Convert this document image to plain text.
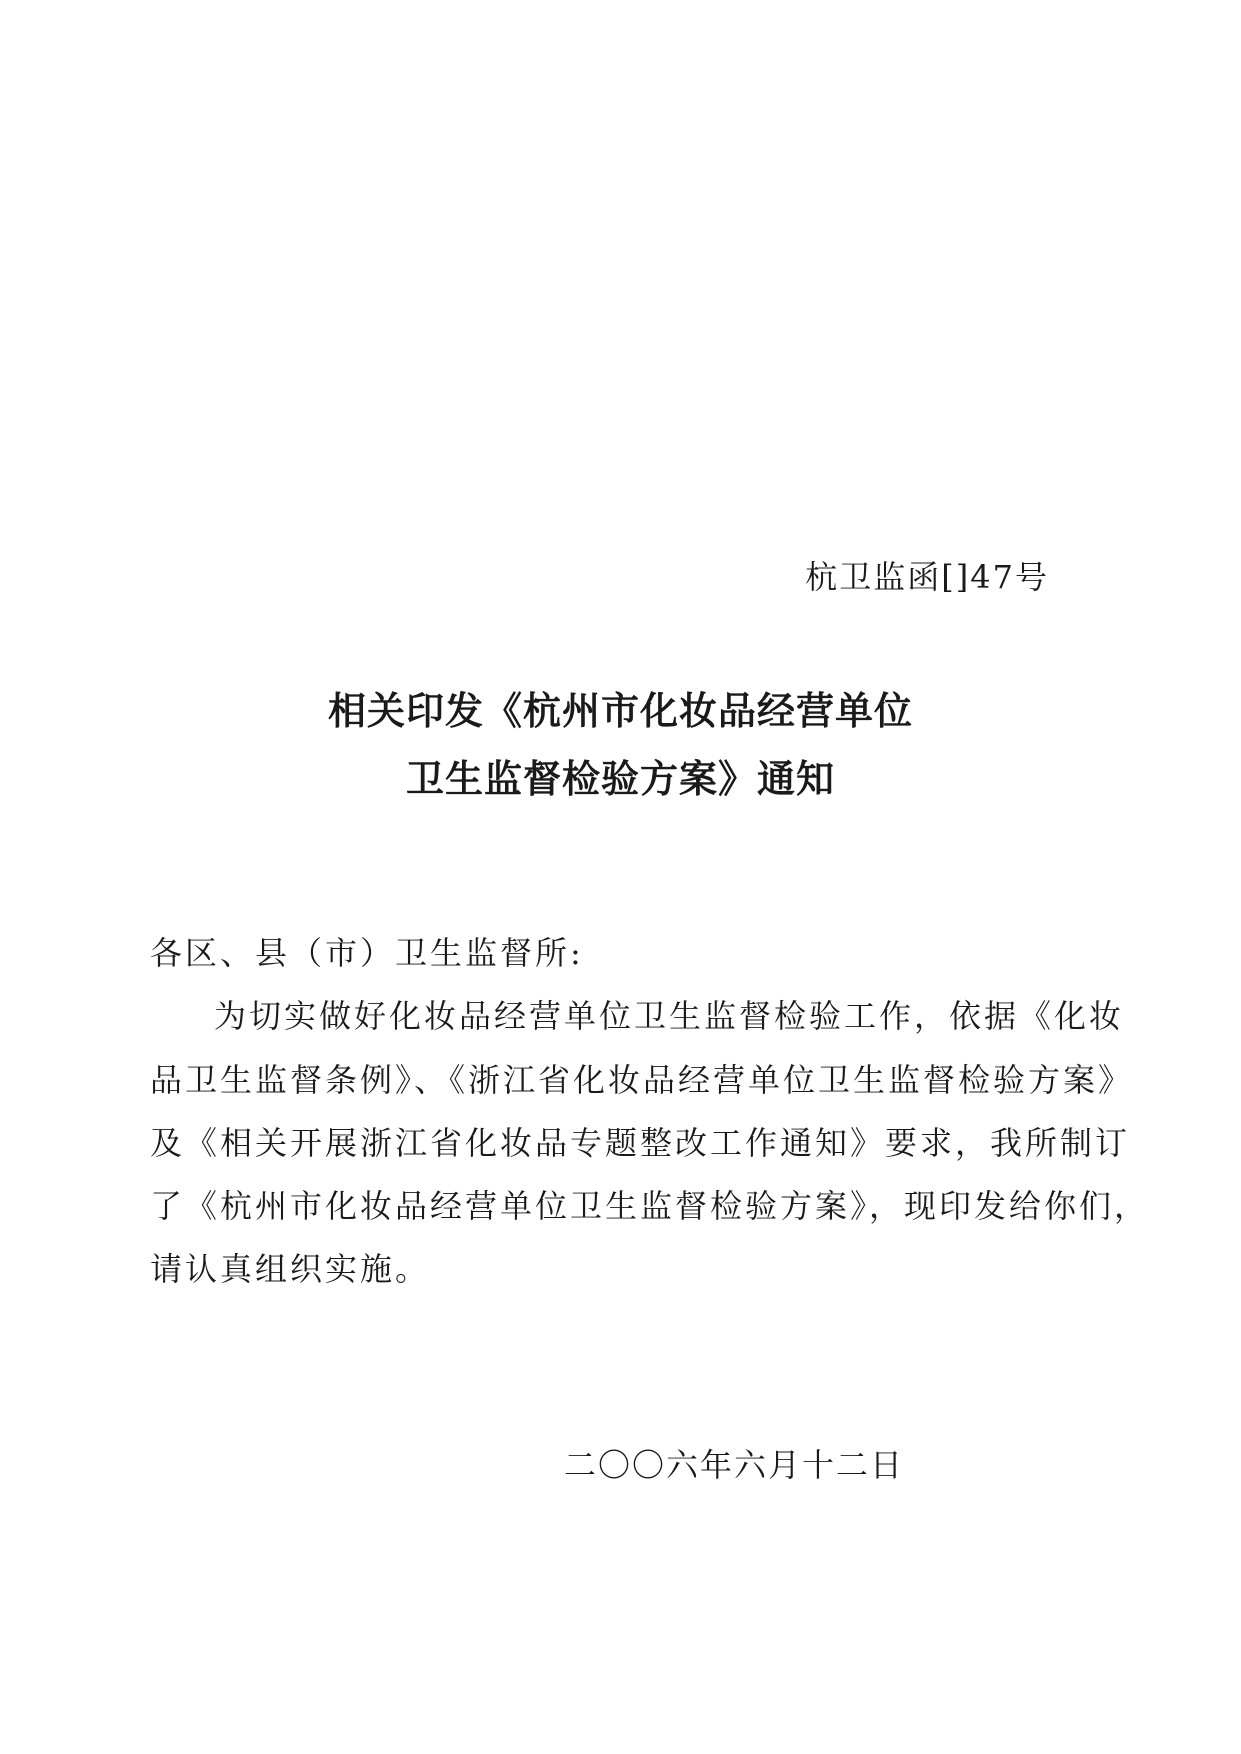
杭卫监函[]47号
相关印发《杭州市化妆品经营单位
卫生监督检验方案》通知
各区、县（市）卫生监督所:
为切实做好化妆品经营单位卫生监督检验工作，依据《化妆
品卫生监督条例》、《浙江省化妆品经营单位卫生监督检验方案》
及《相关开展浙江省化妆品专题整改工作通知》要求，我所制订
了《杭州市化妆品经营单位卫生监督检验方案》，现印发给你们，
请认真组织实施。
二〇〇六年六月十二日
